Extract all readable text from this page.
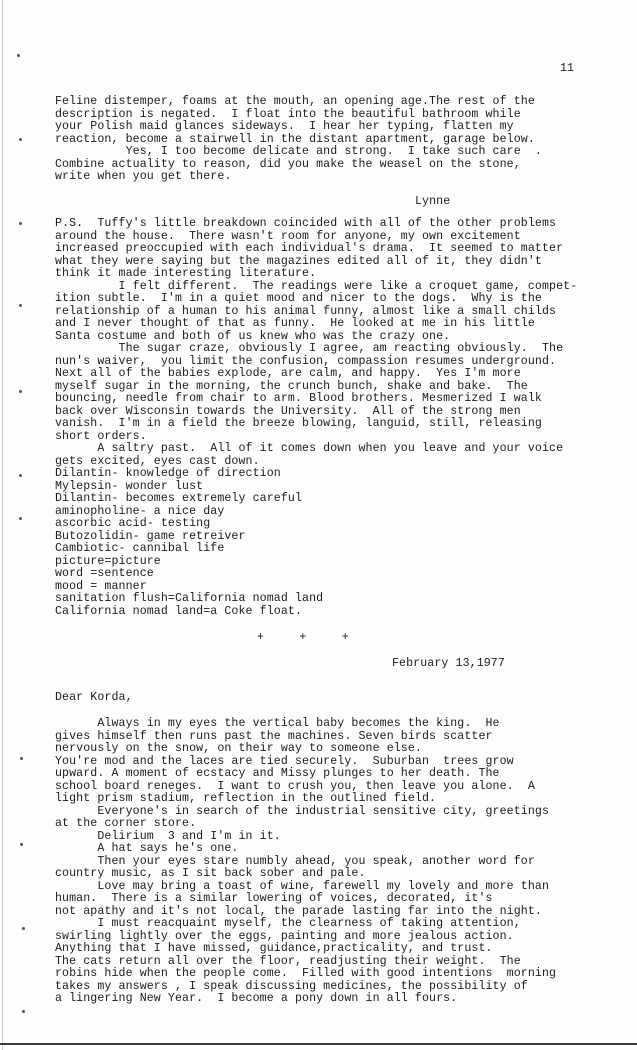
11
Feline distemper, foams at the mouth, an opening age.The rest of the
description is negated.  I float into the beautiful bathroom while
your Polish maid glances sideways.  I hear her typing, flatten my
reaction, become a stairwell in the distant apartment, garage below.
Yes, I too become delicate and strong.  I take such care  .
Combine actuality to reason, did you make the weasel on the stone,
write when you get there.
Lynne
P.S.  Tuffy's little breakdown coincided with all of the other problems
around the house.  There wasn't room for anyone, my own excitement
increased preoccupied with each individual's drama.  It seemed to matter
what they were saying but the magazines edited all of it, they didn't
think it made interesting literature.
I felt different.  The readings were like a croquet game, compet-
ition subtle.  I'm in a quiet mood and nicer to the dogs.  Why is the
relationship of a human to his animal funny, almost like a small childs
and I never thought of that as funny.  He looked at me in his little
Santa costume and both of us knew who was the crazy one.
The sugar craze, obviously I agree, am reacting obviously.  The
nun's waiver,  you limit the confusion, compassion resumes underground.
Next all of the babies explode, are calm, and happy.  Yes I'm more
myself sugar in the morning, the crunch bunch, shake and bake.  The
bouncing, needle from chair to arm. Blood brothers. Mesmerized I walk
back over Wisconsin towards the University.  All of the strong men
vanish.  I'm in a field the breeze blowing, languid, still, releasing
short orders.
A saltry past.  All of it comes down when you leave and your voice
gets excited, eyes cast down.
Dilantin- knowledge of direction
Mylepsin- wonder lust
Dilantin- becomes extremely careful
aminopholine- a nice day
ascorbic acid- testing
Butozolidin- game retreiver
Cambiotic- cannibal life
picture=picture
word =sentence
mood = manner
sanitation flush=California nomad land
California nomad land=a Coke float.
+     +     +
February 13,1977
Dear Korda,
Always in my eyes the vertical baby becomes the king.  He
gives himself then runs past the machines. Seven birds scatter
nervously on the snow, on their way to someone else.
You're mod and the laces are tied securely.  Suburban  trees grow
upward. A moment of ecstacy and Missy plunges to her death. The
school board reneges.  I want to crush you, then leave you alone.  A
light prism stadium, reflection in the outlined field.
Everyone's in search of the industrial sensitive city, greetings
at the corner store.
Delirium  3 and I'm in it.
A hat says he's one.
Then your eyes stare numbly ahead, you speak, another word for
country music, as I sit back sober and pale.
Love may bring a toast of wine, farewell my lovely and more than
human.  There is a similar lowering of voices, decorated, it's
not apathy and it's not local, the parade lasting far into the night.
I must reacquaint myself, the clearness of taking attention,
swirling lightly over the eggs, painting and more jealous action.
Anything that I have missed, guidance,practicality, and trust.
The cats return all over the floor, readjusting their weight.  The
robins hide when the people come.  Filled with good intentions  morning
takes my answers , I speak discussing medicines, the possibility of
a lingering New Year.  I become a pony down in all fours.
